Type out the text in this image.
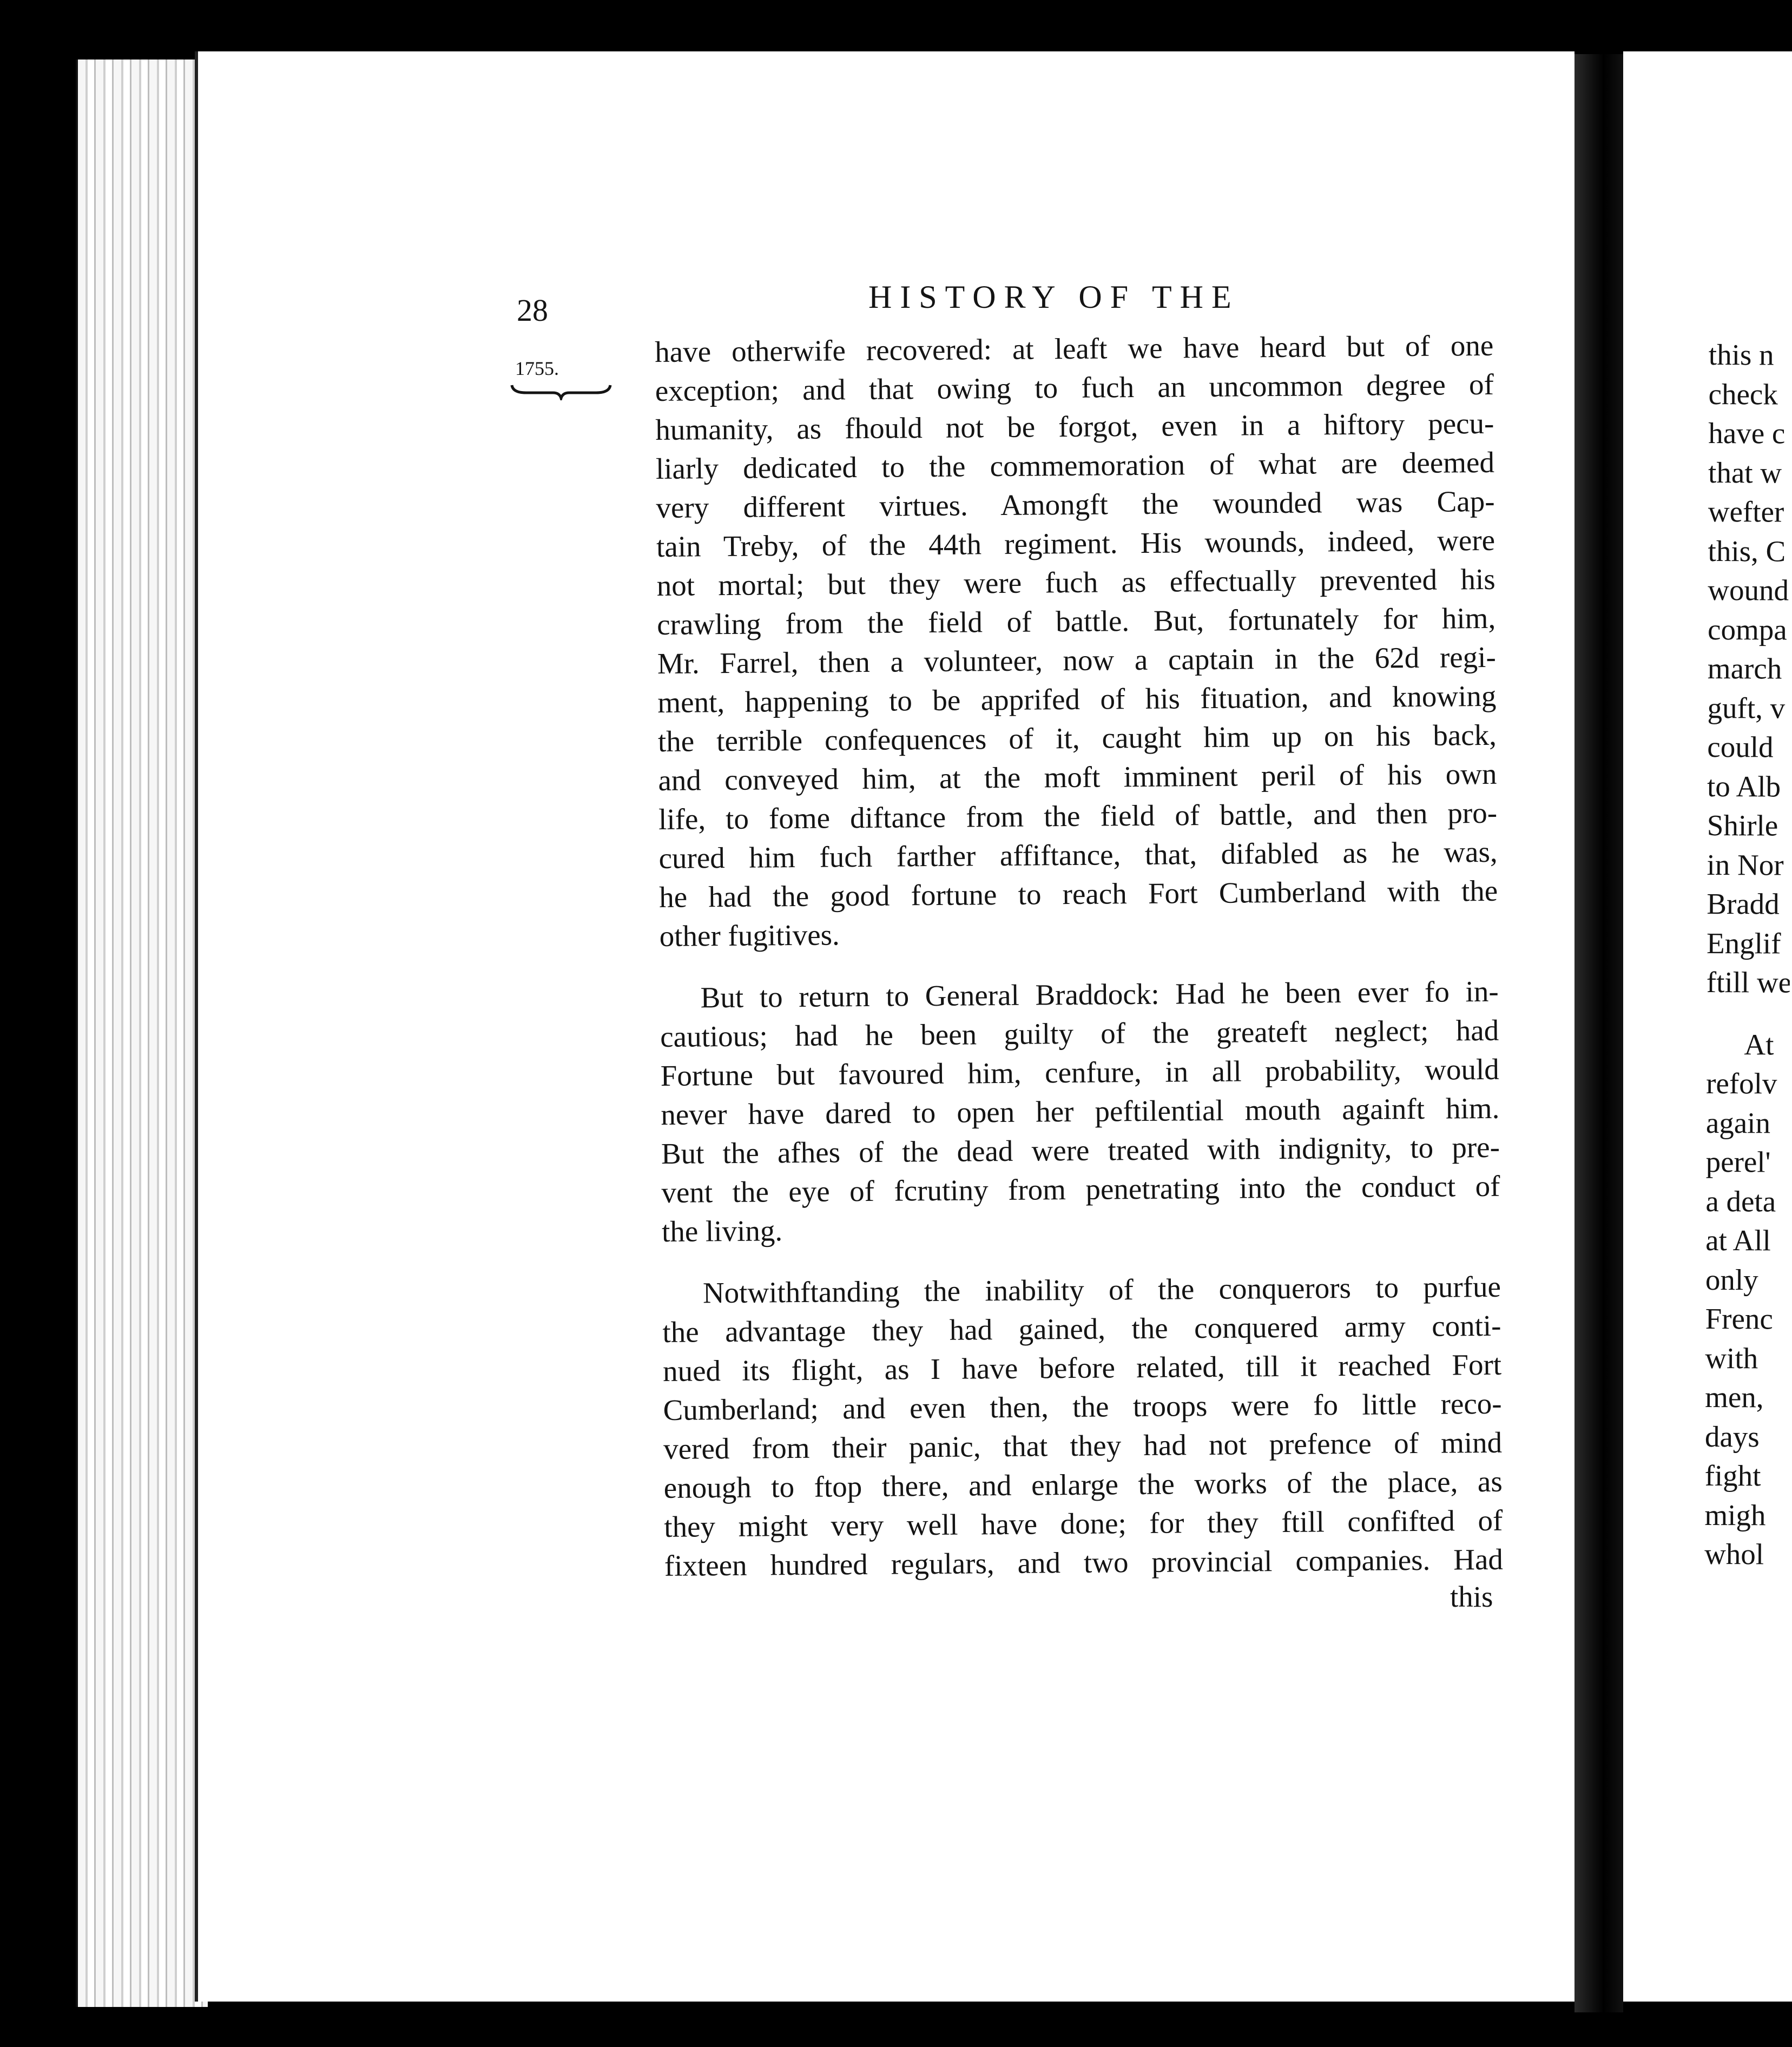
28	HISTORY OF THE

1755.

have otherwife recovered: at leaft we have heard but of one
exception; and that owing to fuch an uncommon degree of
humanity, as fhould not be forgot, even in a hiftory pecu-
liarly dedicated to the commemoration of what are deemed
very different virtues. Amongft the wounded was Cap-
tain Treby, of the 44th regiment. His wounds, indeed, were
not mortal; but they were fuch as effectually prevented his
crawling from the field of battle. But, fortunately for him,
Mr. Farrel, then a volunteer, now a captain in the 62d regi-
ment, happening to be apprifed of his fituation, and knowing
the terrible confequences of it, caught him up on his back,
and conveyed him, at the moft imminent peril of his own
life, to fome diftance from the field of battle, and then pro-
cured him fuch farther affiftance, that, difabled as he was,
he had the good fortune to reach Fort Cumberland with the
other fugitives.
But to return to General Braddock: Had he been ever fo in-
cautious; had he been guilty of the greateft neglect; had
Fortune but favoured him, cenfure, in all probability, would
never have dared to open her peftilential mouth againft him.
But the afhes of the dead were treated with indignity, to pre-
vent the eye of fcrutiny from penetrating into the conduct of
the living.
Notwithftanding the inability of the conquerors to purfue
the advantage they had gained, the conquered army conti-
nued its flight, as I have before related, till it reached Fort
Cumberland; and even then, the troops were fo little reco-
vered from their panic, that they had not prefence of mind
enough to ftop there, and enlarge the works of the place, as
they might very well have done; for they ftill confifted of
fixteen hundred regulars, and two provincial companies. Had

this

this n
check
have c
that w
wefter
this, C
wound
compa
march
guft, v
could
to Alb
Shirle
in Nor
Bradd
Englif
ftill we
At
refolv
again
perel'
a deta
at All
only
Frenc
with
men,
days
fight
migh
whol
